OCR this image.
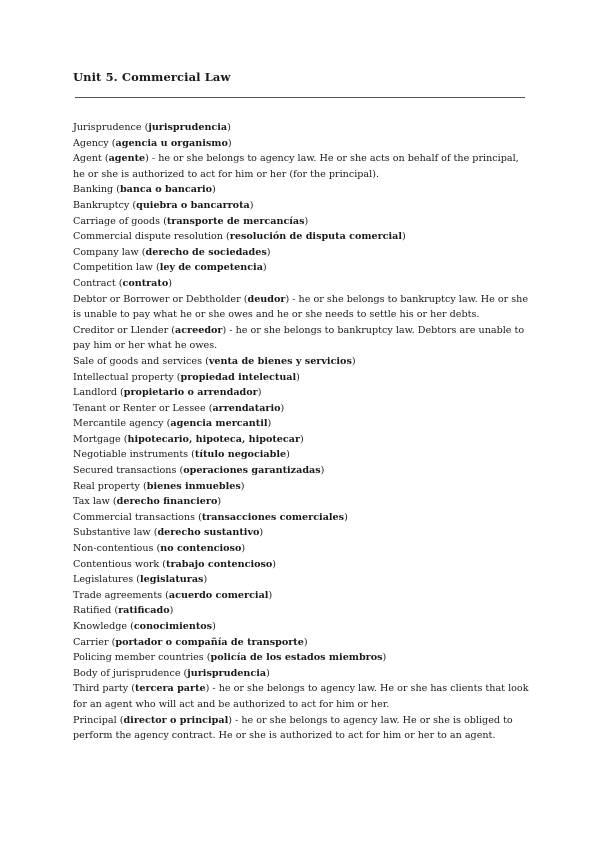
Unit 5. Commercial Law

Jurisprudence (jurisprudencia)

Agency (agencia u organismo)

Agent (agente) - he or she belongs to agency law. He or she acts on behalf of the principal, he or she is authorized to act for him or her (for the principal).

Banking (banca o bancario)

Bankruptcy (quiebra o bancarrota)

Carriage of goods (transporte de mercancías)

Commercial dispute resolution (resolución de disputa comercial)

Company law (derecho de sociedades)

Competition law (ley de competencia)

Contract (contrato)

Debtor or Borrower or Debtholder (deudor) - he or she belongs to bankruptcy law. He or she is unable to pay what he or she owes and he or she needs to settle his or her debts.

Creditor or Llender (acreedor) - he or she belongs to bankruptcy law. Debtors are unable to pay him or her what he owes.

Sale of goods and services (venta de bienes y servicios)

Intellectual property (propiedad intelectual)

Landlord (propietario o arrendador)

Tenant or Renter or Lessee (arrendatario)

Mercantile agency (agencia mercantil)

Mortgage (hipotecario, hipoteca, hipotecar)

Negotiable instruments (título negociable)

Secured transactions (operaciones garantizadas)

Real property (bienes inmuebles)

Tax law (derecho financiero)

Commercial transactions (transacciones comerciales)

Substantive law (derecho sustantivo)

Non-contentious (no contencioso)

Contentious work (trabajo contencioso)

Legislatures (legislaturas)

Trade agreements (acuerdo comercial)

Ratified (ratificado)

Knowledge (conocimientos)

Carrier (portador o compañía de transporte)

Policing member countries (policía de los estados miembros)

Body of jurisprudence (jurisprudencia)

Third party (tercera parte) - he or she belongs to agency law. He or she has clients that look for an agent who will act and be authorized to act for him or her.

Principal (director o principal) - he or she belongs to agency law. He or she is obliged to perform the agency contract. He or she is authorized to act for him or her to an agent.
